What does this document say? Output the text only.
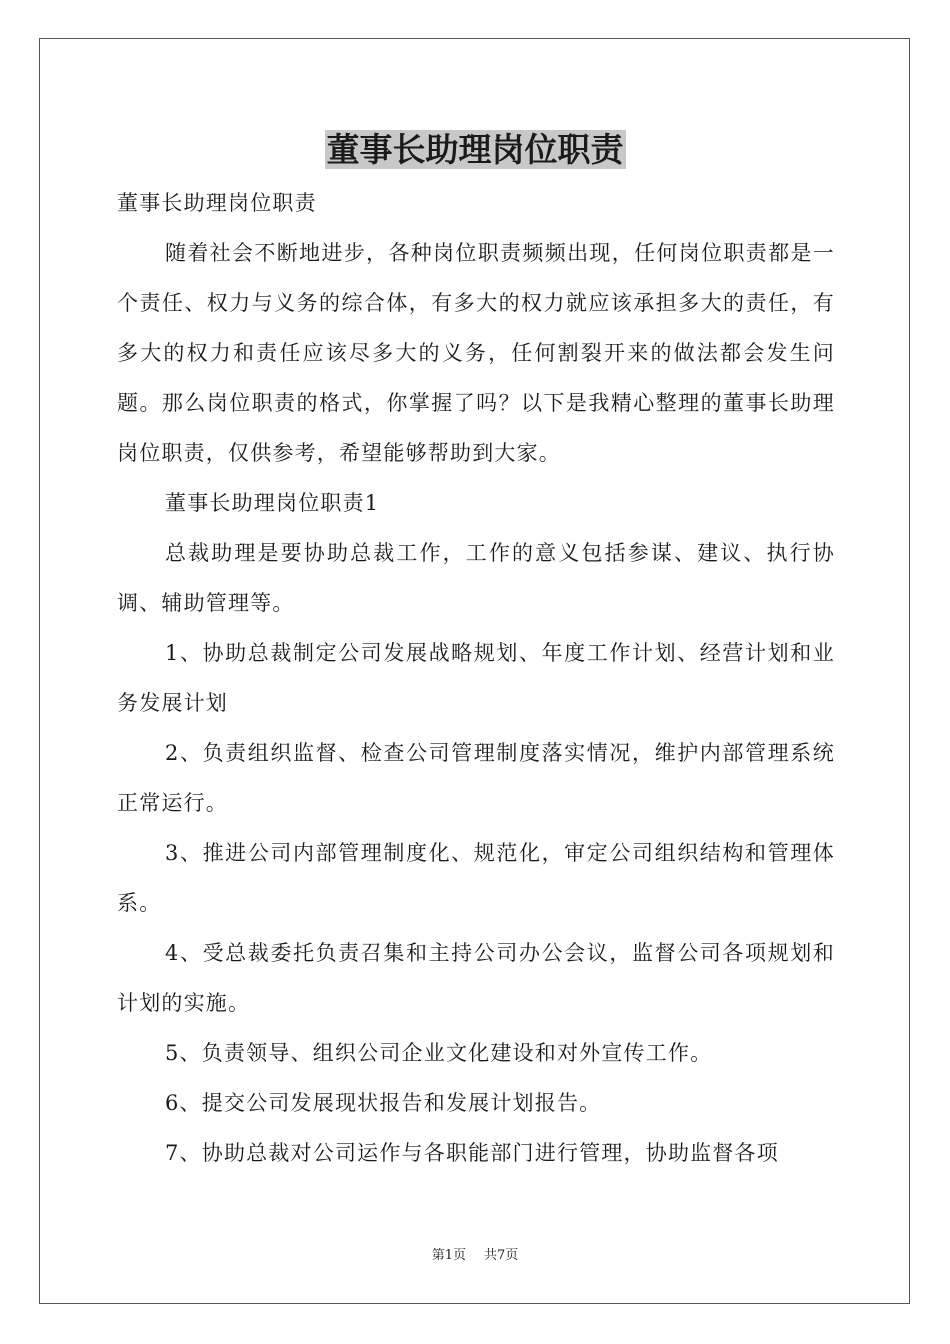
董事长助理岗位职责

董事长助理岗位职责

随着社会不断地进步，各种岗位职责频频出现，任何岗位职责都是一个责任、权力与义务的综合体，有多大的权力就应该承担多大的责任，有多大的权力和责任应该尽多大的义务，任何割裂开来的做法都会发生问题。那么岗位职责的格式，你掌握了吗？以下是我精心整理的董事长助理岗位职责，仅供参考，希望能够帮助到大家。

董事长助理岗位职责1

总裁助理是要协助总裁工作，工作的意义包括参谋、建议、执行协调、辅助管理等。

1、协助总裁制定公司发展战略规划、年度工作计划、经营计划和业务发展计划

2、负责组织监督、检查公司管理制度落实情况，维护内部管理系统正常运行。

3、推进公司内部管理制度化、规范化，审定公司组织结构和管理体系。

4、受总裁委托负责召集和主持公司办公会议，监督公司各项规划和计划的实施。

5、负责领导、组织公司企业文化建设和对外宣传工作。

6、提交公司发展现状报告和发展计划报告。

7、协助总裁对公司运作与各职能部门进行管理，协助监督各项

第1页 共7页
